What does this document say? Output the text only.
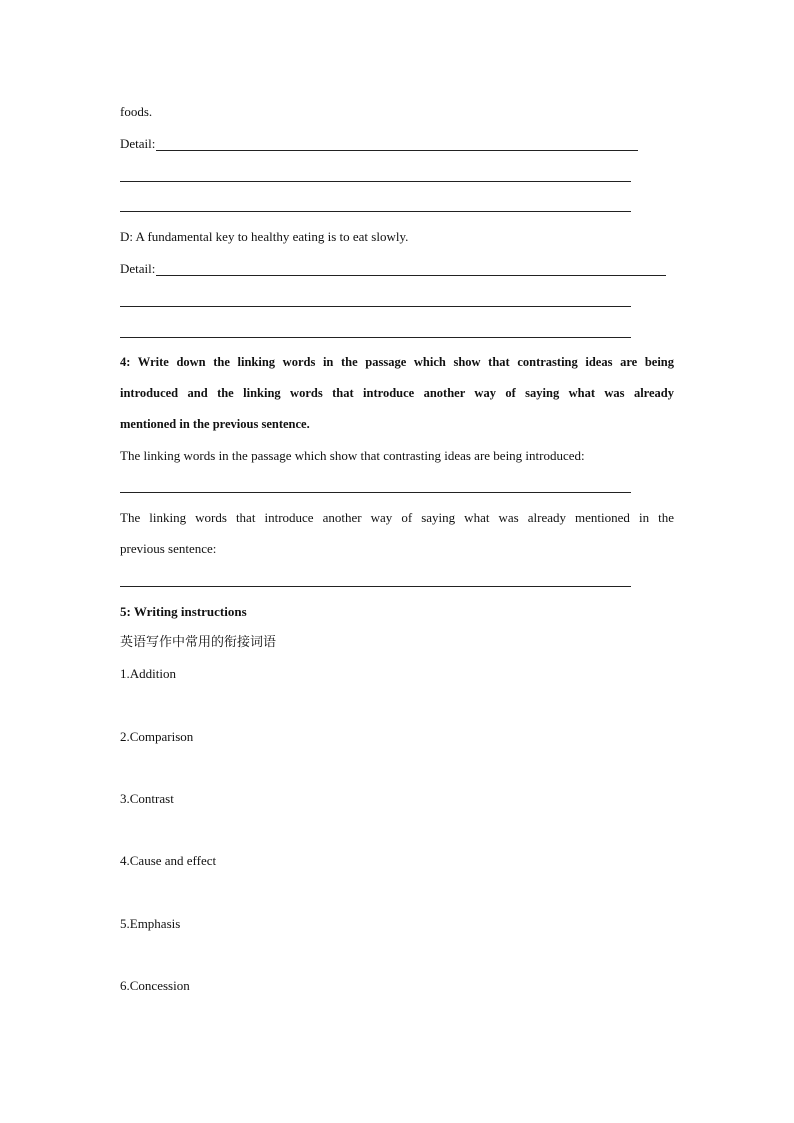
foods.
Detail:
D: A fundamental key to healthy eating is to eat slowly.
Detail:
4: Write down the linking words in the passage which show that contrasting ideas are being
introduced and the linking words that introduce another way of saying what was already
mentioned in the previous sentence.
The linking words in the passage which show that contrasting ideas are being introduced:
The linking words that introduce another way of saying what was already mentioned in the
previous sentence:
5: Writing instructions
英语写作中常用的衔接词语
1.Addition
2.Comparison
3.Contrast
4.Cause and effect
5.Emphasis
6.Concession
